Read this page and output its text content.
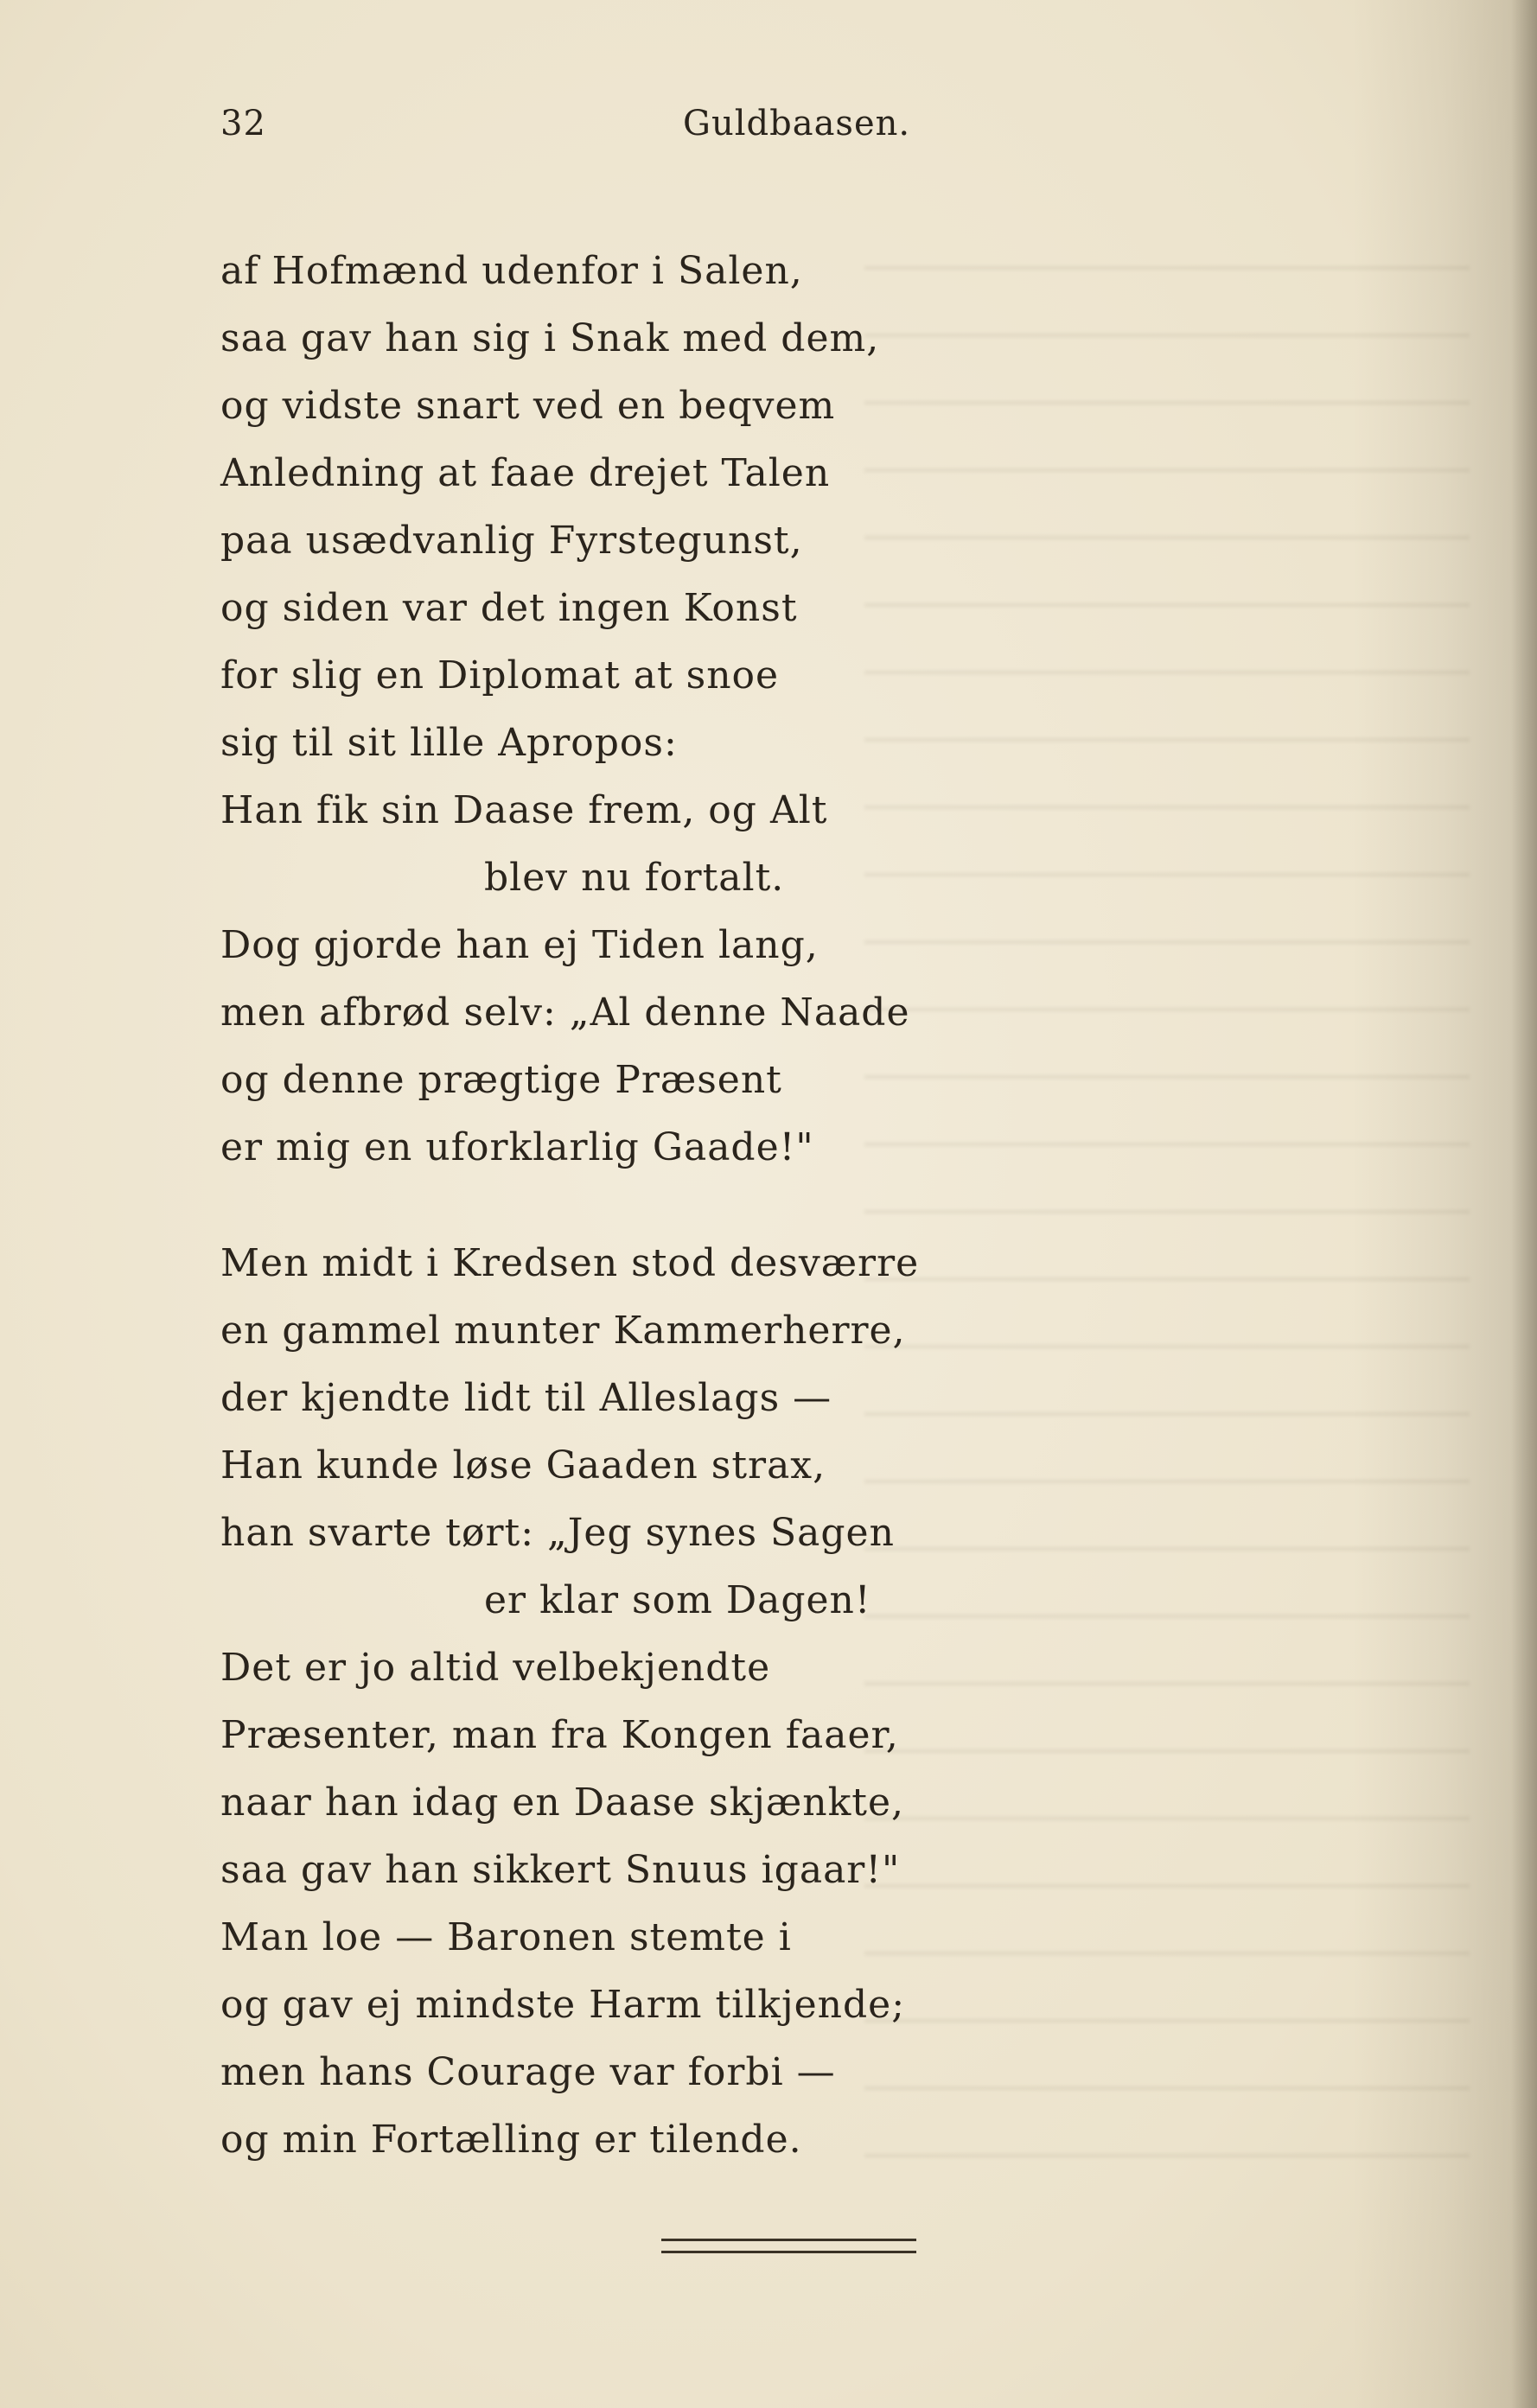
32	Guldbaasen.
af Hofmænd udenfor i Salen,
saa gav han sig i Snak med dem,
og vidste snart ved en beqvem
Anledning at faae drejet Talen
paa usædvanlig Fyrstegunst,
og siden var det ingen Konst
for slig en Diplomat at snoe
sig til sit lille Apropos:
Han fik sin Daase frem, og Alt
blev nu fortalt.
Dog gjorde han ej Tiden lang,
men afbrød selv: „Al denne Naade
og denne prægtige Præsent
er mig en uforklarlig Gaade!"
Men midt i Kredsen stod desværre
en gammel munter Kammerherre,
der kjendte lidt til Alleslags —
Han kunde løse Gaaden strax,
han svarte tørt: „Jeg synes Sagen
er klar som Dagen!
Det er jo altid velbekjendte
Præsenter, man fra Kongen faaer,
naar han idag en Daase skjænkte,
saa gav han sikkert Snuus igaar!"
Man loe — Baronen stemte i
og gav ej mindste Harm tilkjende;
men hans Courage var forbi —
og min Fortælling er tilende.
